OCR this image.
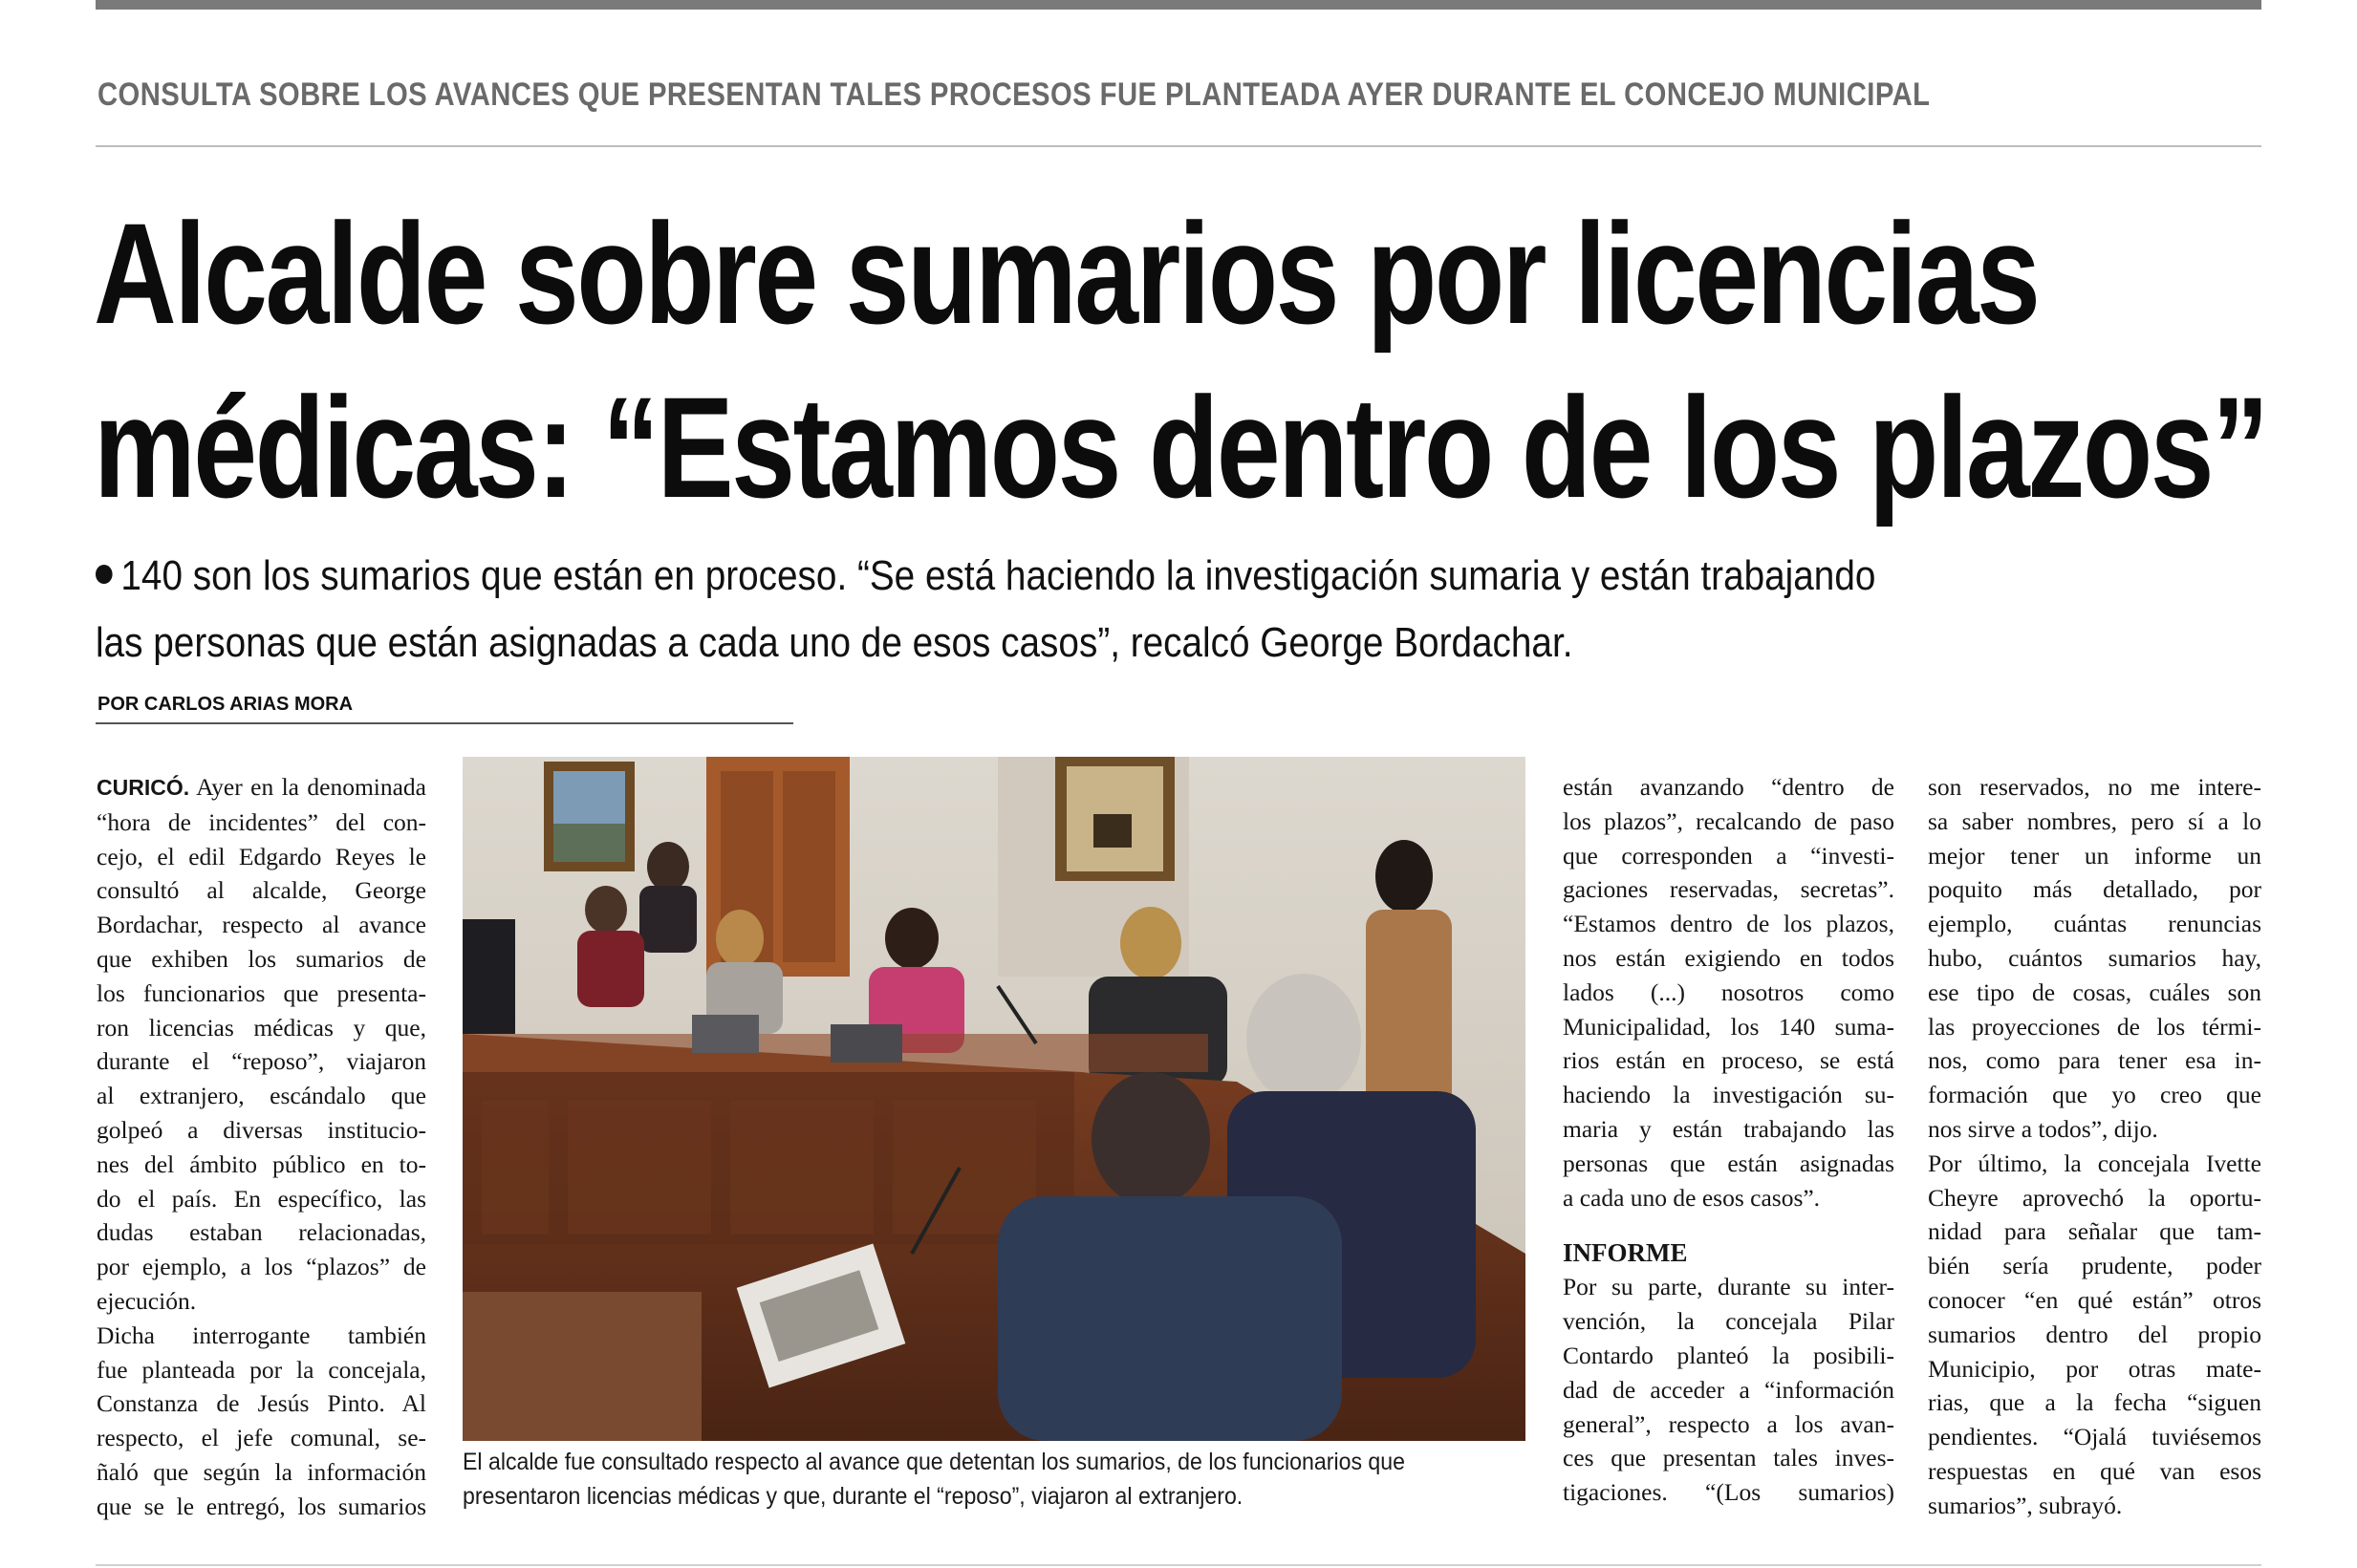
CONSULTA SOBRE LOS AVANCES QUE PRESENTAN TALES PROCESOS FUE PLANTEADA AYER DURANTE EL CONCEJO MUNICIPAL
Alcalde sobre sumarios por licencias
médicas: “Estamos dentro de los plazos”
140 son los sumarios que están en proceso. “Se está haciendo la investigación sumaria y están trabajando
las personas que están asignadas a cada uno de esos casos”, recalcó George Bordachar.
POR CARLOS ARIAS MORA
CURICÓ. Ayer en la denominada
“hora de incidentes” del con-
cejo, el edil Edgardo Reyes le
consultó al alcalde, George
Bordachar, respecto al avance
que exhiben los sumarios de
los funcionarios que presenta-
ron licencias médicas y que,
durante el “reposo”, viajaron
al extranjero, escándalo que
golpeó a diversas institucio-
nes del ámbito público en to-
do el país. En específico, las
dudas estaban relacionadas,
por ejemplo, a los “plazos” de
ejecución.
Dicha interrogante también
fue planteada por la concejala,
Constanza de Jesús Pinto. Al
respecto, el jefe comunal, se-
ñaló que según la información
que se le entregó, los sumarios
El alcalde fue consultado respecto al avance que detentan los sumarios, de los funcionarios que
presentaron licencias médicas y que, durante el “reposo”, viajaron al extranjero.
están avanzando “dentro de
los plazos”, recalcando de paso
que corresponden a “investi-
gaciones reservadas, secretas”.
“Estamos dentro de los plazos,
nos están exigiendo en todos
lados (...) nosotros como
Municipalidad, los 140 suma-
rios están en proceso, se está
haciendo la investigación su-
maria y están trabajando las
personas que están asignadas
a cada uno de esos casos”.
INFORME
Por su parte, durante su inter-
vención, la concejala Pilar
Contardo planteó la posibili-
dad de acceder a “información
general”, respecto a los avan-
ces que presentan tales inves-
tigaciones. “(Los sumarios)
son reservados, no me intere-
sa saber nombres, pero sí a lo
mejor tener un informe un
poquito más detallado, por
ejemplo, cuántas renuncias
hubo, cuántos sumarios hay,
ese tipo de cosas, cuáles son
las proyecciones de los térmi-
nos, como para tener esa in-
formación que yo creo que
nos sirve a todos”, dijo.
Por último, la concejala Ivette
Cheyre aprovechó la oportu-
nidad para señalar que tam-
bién sería prudente, poder
conocer “en qué están” otros
sumarios dentro del propio
Municipio, por otras mate-
rias, que a la fecha “siguen
pendientes. “Ojalá tuviésemos
respuestas en qué van esos
sumarios”, subrayó.
